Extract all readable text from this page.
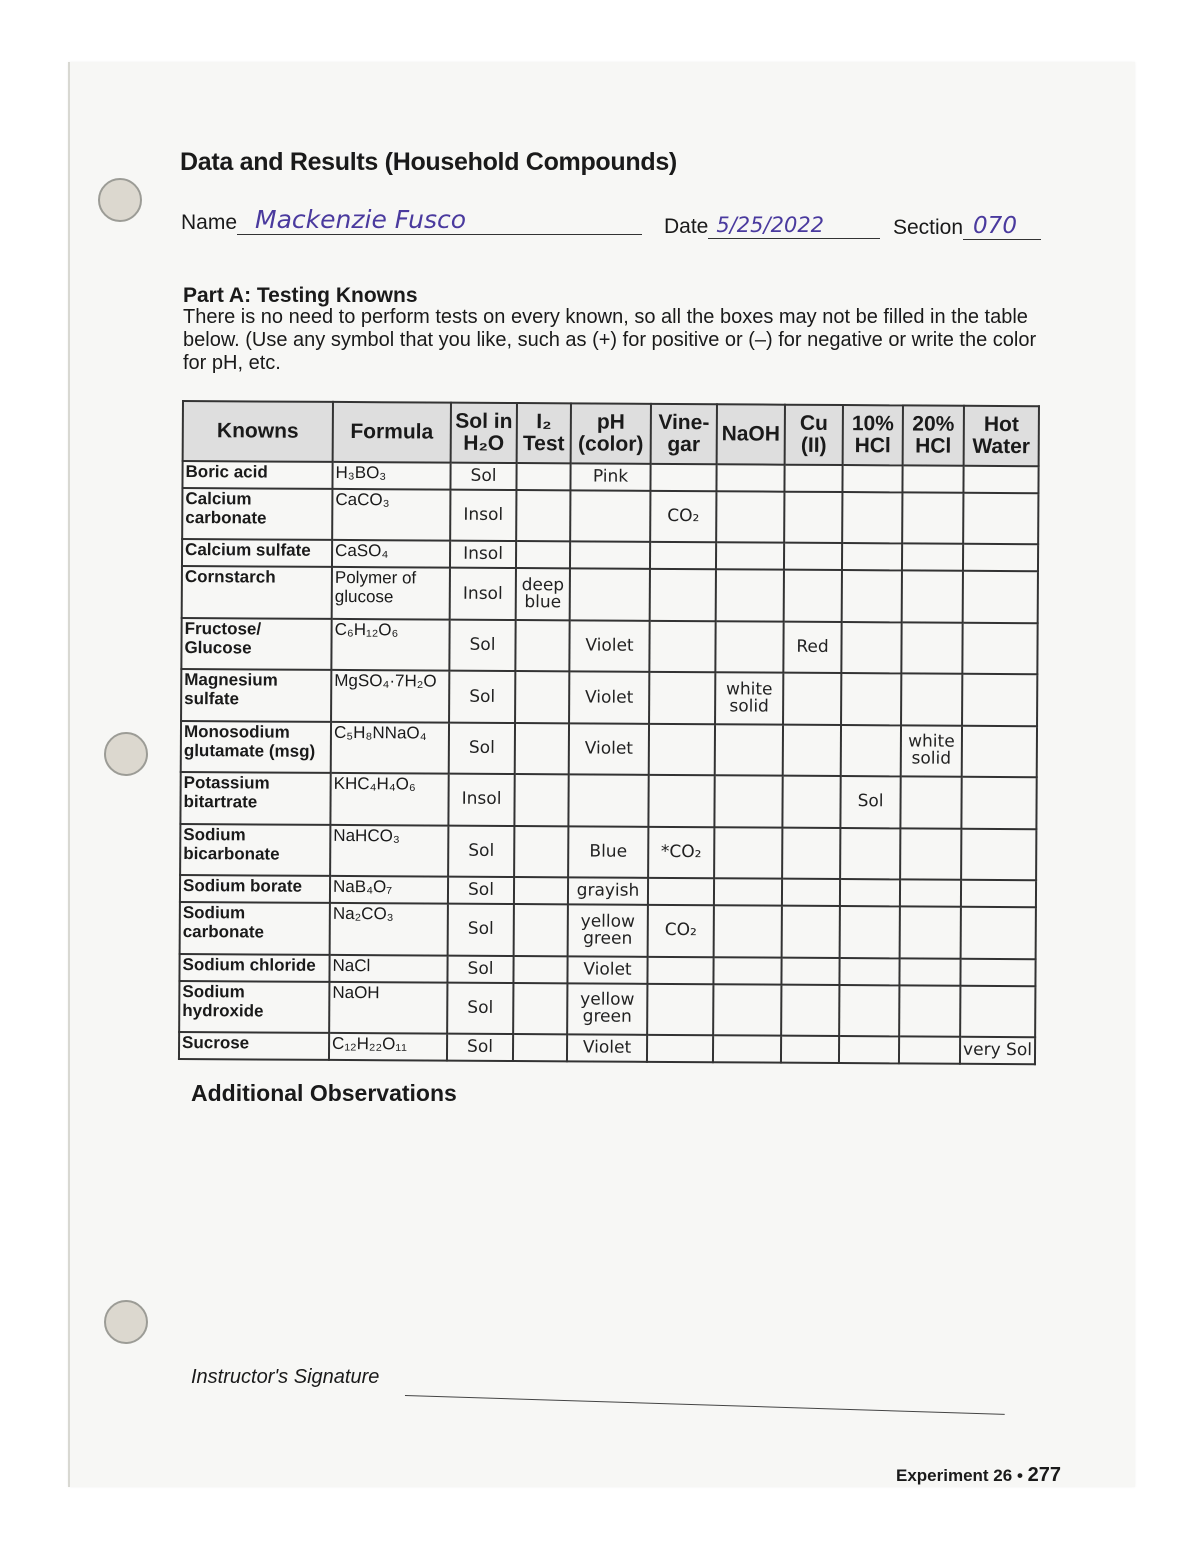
Data and Results (Household Compounds)
Name Mackenzie Fusco	Date 5/25/2022	Section 070
Part A: Testing Knowns
There is no need to perform tests on every known, so all the boxes may not be filled in the table below. (Use any symbol that you like, such as (+) for positive or (–) for negative or write the color for pH, etc.
Knowns	Formula	Sol in H₂O	I₂ Test	pH (color)	Vine-gar	NaOH	Cu (II)	10% HCl	20% HCl	Hot Water
Boric acid	H₃BO₃	Sol		Pink						
Calcium carbonate	CaCO₃	Insol			CO₂					
Calcium sulfate	CaSO₄	Insol								
Cornstarch	Polymer of glucose	Insol	deep blue							
Fructose/ Glucose	C₆H₁₂O₆	Sol		Violet			Red			
Magnesium sulfate	MgSO₄·7H₂O	Sol		Violet		white solid				
Monosodium glutamate (msg)	C₅H₈NNaO₄	Sol		Violet					white solid	
Potassium bitartrate	KHC₄H₄O₆	Insol						Sol		
Sodium bicarbonate	NaHCO₃	Sol		Blue	*CO₂					
Sodium borate	NaB₄O₇	Sol		grayish						
Sodium carbonate	Na₂CO₃	Sol		yellow green	CO₂					
Sodium chloride	NaCl	Sol		Violet						
Sodium hydroxide	NaOH	Sol		yellow green						
Sucrose	C₁₂H₂₂O₁₁	Sol		Violet						very Sol
Additional Observations
Instructor's Signature
Experiment 26 • 277
